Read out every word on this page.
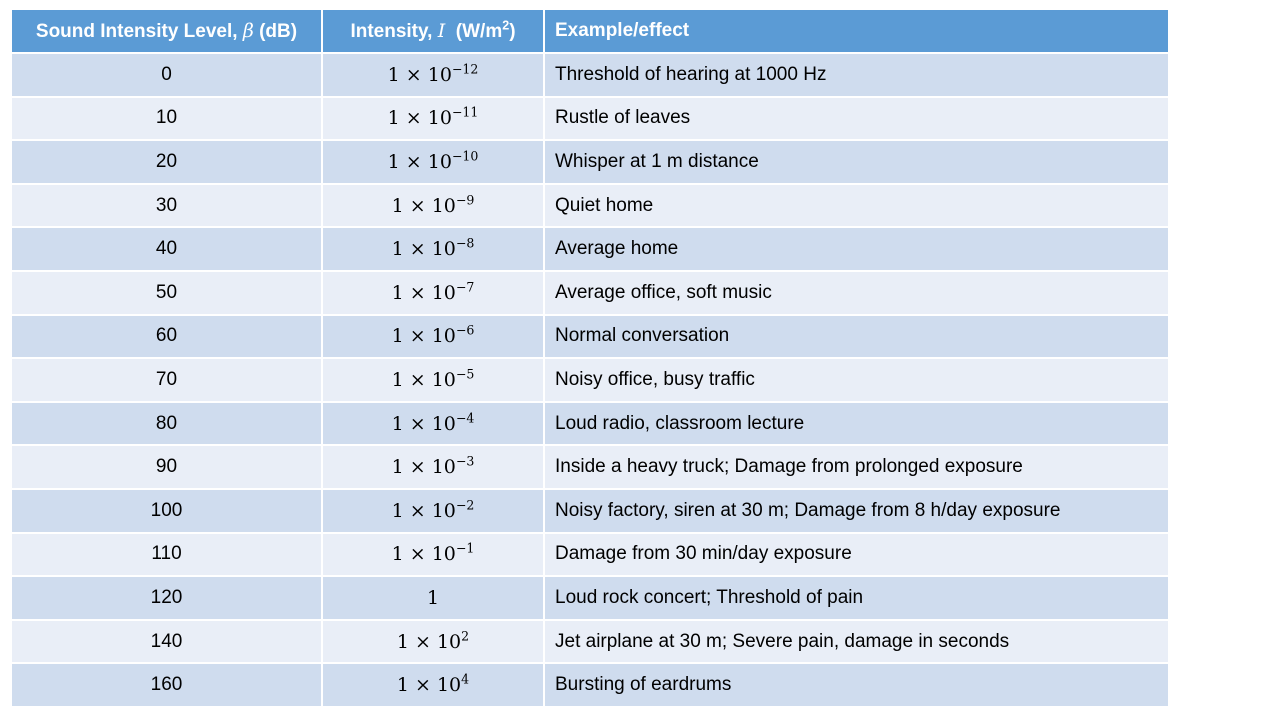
Sound Intensity Level, β (dB)	Intensity, I  $(W/m^2)$	Example/effect
0	$1 \times 10^{-12}$	Threshold of hearing at 1000 Hz
10	$1 \times 10^{-11}$	Rustle of leaves
20	$1 \times 10^{-10}$	Whisper at 1 m distance
30	$1 \times 10^{-9}$	Quiet home
40	$1 \times 10^{-8}$	Average home
50	$1 \times 10^{-7}$	Average office, soft music
60	$1 \times 10^{-6}$	Normal conversation
70	$1 \times 10^{-5}$	Noisy office, busy traffic
80	$1 \times 10^{-4}$	Loud radio, classroom lecture
90	$1 \times 10^{-3}$	Inside a heavy truck; Damage from prolonged exposure
100	$1 \times 10^{-2}$	Noisy factory, siren at 30 m; Damage from 8 h/day exposure
110	$1 \times 10^{-1}$	Damage from 30 min/day exposure
120	1	Loud rock concert; Threshold of pain
140	$1 \times 10^2$	Jet airplane at 30 m; Severe pain, damage in seconds
160	$1 \times 10^4$	Bursting of eardrums
